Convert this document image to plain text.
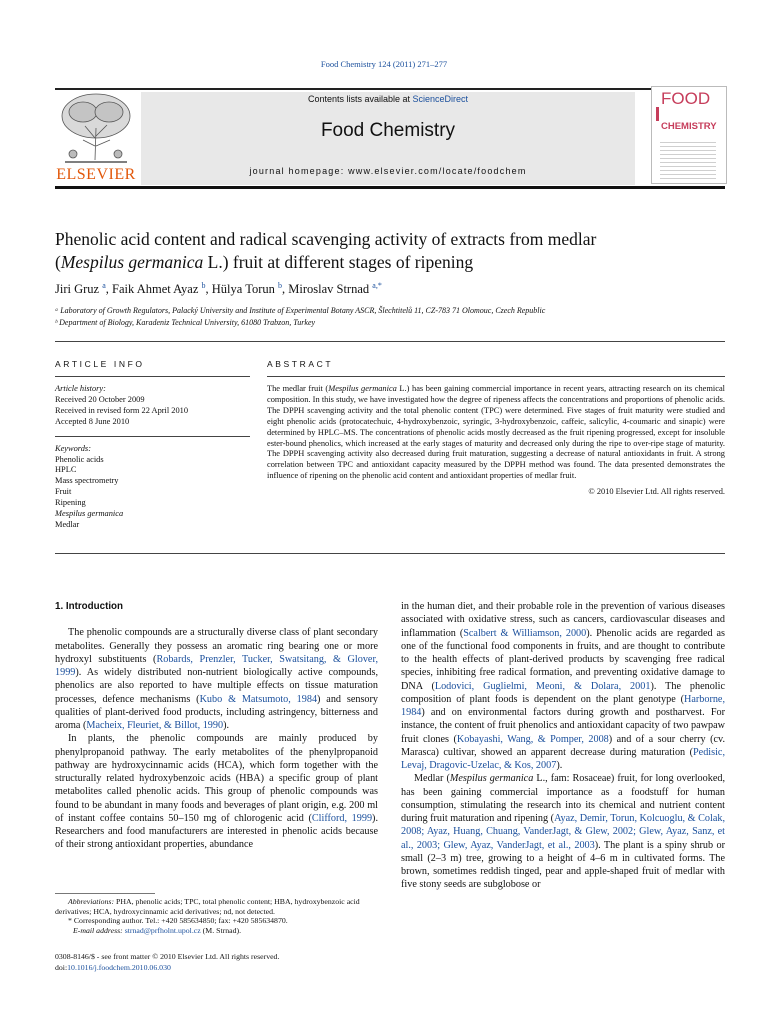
Food Chemistry 124 (2011) 271–277
ELSEVIER
Contents lists available at ScienceDirect
Food Chemistry
journal homepage: www.elsevier.com/locate/foodchem
FOOD
CHEMISTRY
Phenolic acid content and radical scavenging activity of extracts from medlar
(Mespilus germanica L.) fruit at different stages of ripening
Jiri Gruz $^a$, Faik Ahmet Ayaz $^b$, Hülya Torun $^b$, Miroslav Strnad $^{a,*}$
ᵃ Laboratory of Growth Regulators, Palacký University and Institute of Experimental Botany ASCR, Šlechtitelů 11, CZ-783 71 Olomouc, Czech Republic
ᵇ Department of Biology, Karadeniz Technical University, 61080 Trabzon, Turkey
ARTICLE INFO
Article history:
Received 20 October 2009
Received in revised form 22 April 2010
Accepted 8 June 2010
Keywords:
Phenolic acids
HPLC
Mass spectrometry
Fruit
Ripening
Mespilus germanica
Medlar
ABSTRACT
The medlar fruit (Mespilus germanica L.) has been gaining commercial importance in recent years, attracting research on its chemical composition. In this study, we have investigated how the degree of ripeness affects the concentrations and proportions of phenolic acids. The DPPH scavenging activity and the total phenolic content (TPC) were determined. Five stages of fruit maturity were studied and eight phenolic acids (protocatechuic, 4-hydroxybenzoic, syringic, 3-hydroxybenzoic, caffeic, salicylic, 4-coumaric and sinapic) were determined by HPLC–MS. The concentrations of phenolic acids mostly decreased as the fruit ripening progressed, except for insoluble ester-bound phenolics, which increased at the early stages of maturity and decreased only during the ripe to over-ripe stage of maturity. The DPPH scavenging activity also decreased during fruit maturation, suggesting a decrease of natural antioxidants in fruit. A strong correlation between TPC and antioxidant capacity measured by the DPPH method was found. The data presented demonstrates the influence of ripening on the phenolic acid content and antioxidant properties of medlar fruit.
© 2010 Elsevier Ltd. All rights reserved.
1. Introduction

The phenolic compounds are a structurally diverse class of plant secondary metabolites. Generally they possess an aromatic ring bearing one or more hydroxyl substituents (Robards, Prenzler, Tucker, Swatsitang, & Glover, 1999). As widely distributed non-nutrient biologically active compounds, phenolics are also reported to have multiple effects on tissue maturation processes, defence mechanisms (Kubo & Matsumoto, 1984) and sensory qualities of plant-derived food products, including astringency, bitterness and aroma (Macheix, Fleuriet, & Billot, 1990).

In plants, the phenolic compounds are mainly produced by phenylpropanoid pathway. The early metabolites of the phenylpropanoid pathway are hydroxycinnamic acids (HCA), which form together with the structurally related hydroxybenzoic acids (HBA) a specific group of plant metabolites called phenolic acids. This group of phenolic compounds was found to be abundant in many foods and beverages of plant origin, e.g. 200 ml of instant coffee contains 50–150 mg of chlorogenic acid (Clifford, 1999). Researchers and food manufacturers are interested in phenolic acids because of their strong antioxidant properties, abundance

in the human diet, and their probable role in the prevention of various diseases associated with oxidative stress, such as cancers, cardiovascular diseases and inflammation (Scalbert & Williamson, 2000). Phenolic acids are regarded as one of the functional food components in fruits, and are thought to contribute to the health effects of plant-derived products by scavenging free radical species, inhibiting free radical formation, and preventing oxidative damage to DNA (Lodovici, Guglielmi, Meoni, & Dolara, 2001). The phenolic composition of plant foods is dependent on the plant genotype (Harborne, 1984) and on environmental factors during growth and postharvest. For instance, the content of fruit phenolics and antioxidant capacity of two pawpaw fruit clones (Kobayashi, Wang, & Pomper, 2008) and of a sour cherry (cv. Marasca) cultivar, showed an apparent decrease during maturation (Pedisic, Levaj, Dragovic-Uzelac, & Kos, 2007).

Medlar (Mespilus germanica L., fam: Rosaceae) fruit, for long overlooked, has been gaining commercial importance as a foodstuff for human consumption, stimulating the research into its chemical and nutrient content during fruit maturation and ripening (Ayaz, Demir, Torun, Kolcuoglu, & Colak, 2008; Ayaz, Huang, Chuang, VanderJagt, & Glew, 2002; Glew, Ayaz, Sanz, et al., 2003; Glew, Ayaz, VanderJagt, et al., 2003). The plant is a spiny shrub or small (2–3 m) tree, growing to a height of 4–6 m in cultivated forms. The brown, sometimes reddish tinged, pear and apple-shaped fruit of medlar with five stony seeds are subglobose or

Abbreviations: PHA, phenolic acids; TPC, total phenolic content; HBA, hydroxybenzoic acid derivatives; HCA, hydroxycinnamic acid derivatives; nd, not detected.
* Corresponding author. Tel.: +420 585634850; fax: +420 585634870.
E-mail address: strnad@prfholnt.upol.cz (M. Strnad).
0308-8146/$ - see front matter © 2010 Elsevier Ltd. All rights reserved.
doi:10.1016/j.foodchem.2010.06.030
